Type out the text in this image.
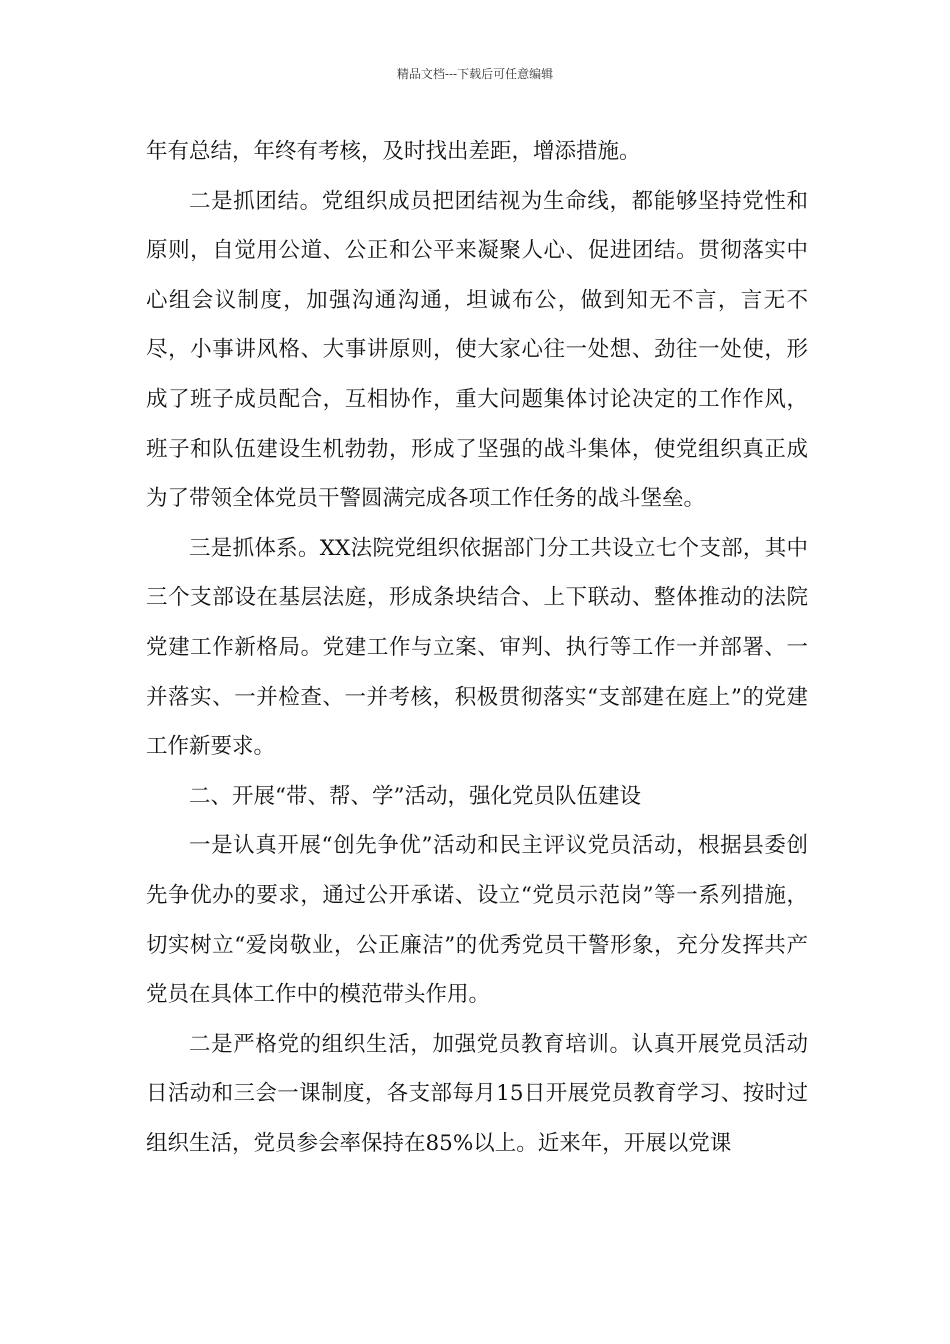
精品文档---下载后可任意编辑

年有总结，年终有考核，及时找出差距，增添措施。

二是抓团结。党组织成员把团结视为生命线，都能够坚持党性和原则，自觉用公道、公正和公平来凝聚人心、促进团结。贯彻落实中心组会议制度，加强沟通沟通，坦诚布公，做到知无不言，言无不尽，小事讲风格、大事讲原则，使大家心往一处想、劲往一处使，形成了班子成员配合，互相协作，重大问题集体讨论决定的工作作风，班子和队伍建设生机勃勃，形成了坚强的战斗集体，使党组织真正成为了带领全体党员干警圆满完成各项工作任务的战斗堡垒。

三是抓体系。XX法院党组织依据部门分工共设立七个支部，其中三个支部设在基层法庭，形成条块结合、上下联动、整体推动的法院党建工作新格局。党建工作与立案、审判、执行等工作一并部署、一并落实、一并检查、一并考核，积极贯彻落实“支部建在庭上”的党建工作新要求。

二、开展“带、帮、学”活动，强化党员队伍建设

一是认真开展“创先争优”活动和民主评议党员活动，根据县委创先争优办的要求，通过公开承诺、设立“党员示范岗”等一系列措施，切实树立“爱岗敬业，公正廉洁”的优秀党员干警形象，充分发挥共产党员在具体工作中的模范带头作用。

二是严格党的组织生活，加强党员教育培训。认真开展党员活动日活动和三会一课制度，各支部每月15日开展党员教育学习、按时过组织生活，党员参会率保持在85%以上。近来年，开展以党课
